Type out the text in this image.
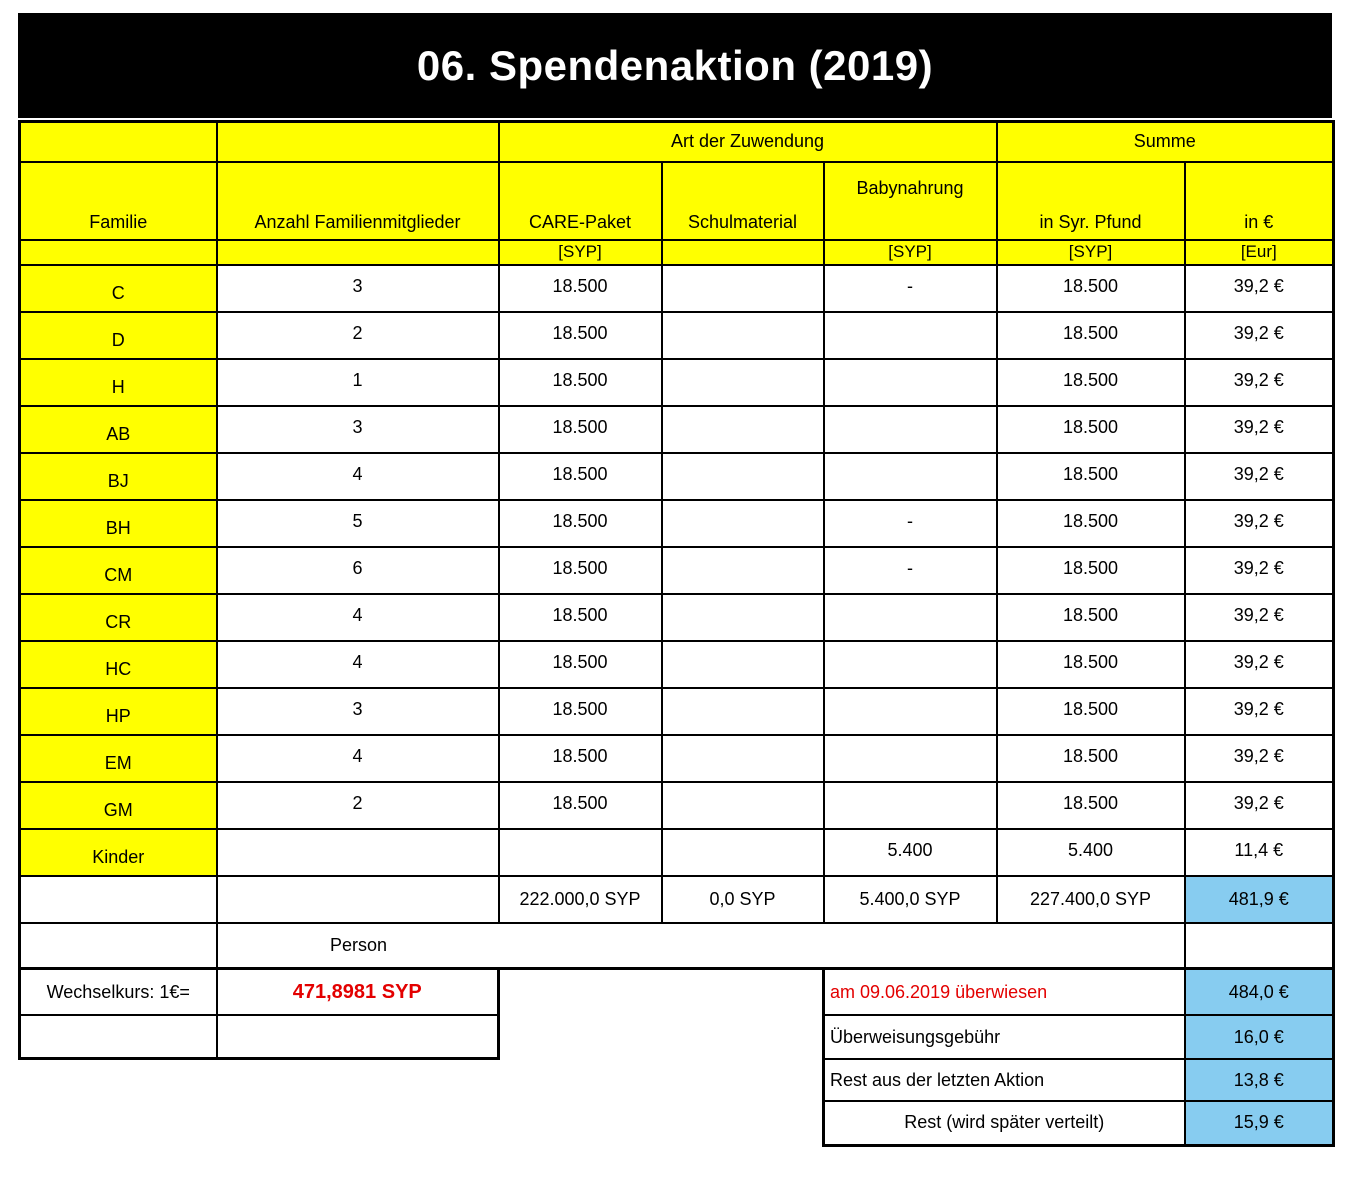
06. Spendenaktion (2019)
		Art der Zuwendung			Summe	
Familie	Anzahl Familienmitglieder	CARE-Paket	Schulmaterial	Babynahrung	in Syr. Pfund	in €
		[SYP]		[SYP]	[SYP]	[Eur]
C	3	18.500		-	18.500	39,2 €
D	2	18.500			18.500	39,2 €
H	1	18.500			18.500	39,2 €
AB	3	18.500			18.500	39,2 €
BJ	4	18.500			18.500	39,2 €
BH	5	18.500		-	18.500	39,2 €
CM	6	18.500		-	18.500	39,2 €
CR	4	18.500			18.500	39,2 €
HC	4	18.500			18.500	39,2 €
HP	3	18.500			18.500	39,2 €
EM	4	18.500			18.500	39,2 €
GM	2	18.500			18.500	39,2 €
Kinder				5.400	5.400	11,4 €
		222.000,0 SYP	0,0 SYP	5.400,0 SYP	227.400,0 SYP	481,9 €

	Person					

Wechselkurs: 1€=	471,8981 SYP
		am 09.06.2019 überwiesen	484,0 €
Überweisungsgebühr	16,0 €
Rest aus der letzten Aktion	13,8 €
Rest (wird später verteilt)	15,9 €
